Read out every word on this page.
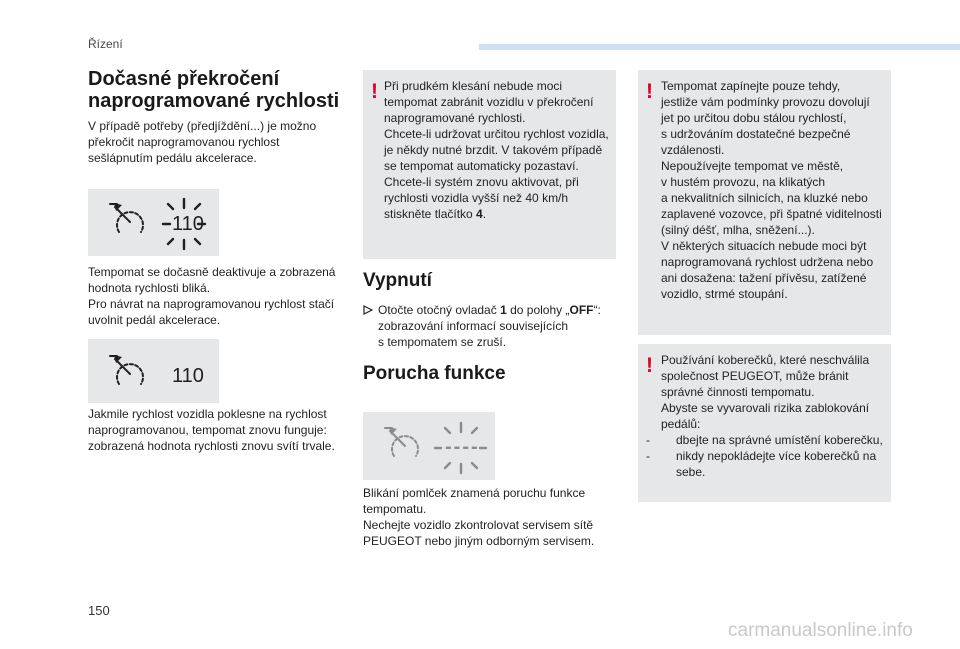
Řízení
Dočasné překročení naprogramované rychlosti
V případě potřeby (předjíždění...) je možno
překročit naprogramovanou rychlost
sešlápnutím pedálu akcelerace.
110
Tempomat se dočasně deaktivuje a zobrazená
hodnota rychlosti bliká.
Pro návrat na naprogramovanou rychlost stačí
uvolnit pedál akcelerace.
110
Jakmile rychlost vozidla poklesne na rychlost
naprogramovanou, tempomat znovu funguje:
zobrazená hodnota rychlosti znovu svítí trvale.
! Při prudkém klesání nebude moci
tempomat zabránit vozidlu v překročení
naprogramované rychlosti.
Chcete-li udržovat určitou rychlost vozidla,
je někdy nutné brzdit. V takovém případě
se tempomat automaticky pozastaví.
Chcete-li systém znovu aktivovat, při
rychlosti vozidla vyšší než 40 km/h
stiskněte tlačítko 4.
Vypnutí
Otočte otočný ovladač 1 do polohy „OFF“:
zobrazování informací souvisejících
s tempomatem se zruší.
Porucha funkce
----
Blikání pomlček znamená poruchu funkce
tempomatu.
Nechejte vozidlo zkontrolovat servisem sítě
PEUGEOT nebo jiným odborným servisem.
! Tempomat zapínejte pouze tehdy,
jestliže vám podmínky provozu dovolují
jet po určitou dobu stálou rychlostí,
s udržováním dostatečné bezpečné
vzdálenosti.
Nepoužívejte tempomat ve městě,
v hustém provozu, na klikatých
a nekvalitních silnicích, na kluzké nebo
zaplavené vozovce, při špatné viditelnosti
(silný déšť, mlha, sněžení...).
V některých situacích nebude moci být
naprogramovaná rychlost udržena nebo
ani dosažena: tažení přívěsu, zatížené
vozidlo, strmé stoupání.
! Používání koberečků, které neschválila
společnost PEUGEOT, může bránit
správné činnosti tempomatu.
Abyste se vyvarovali rizika zablokování
pedálů:
- dbejte na správné umístění koberečku,
- nikdy nepokládejte více koberečků na
sebe.
150
carmanualsonline.info
